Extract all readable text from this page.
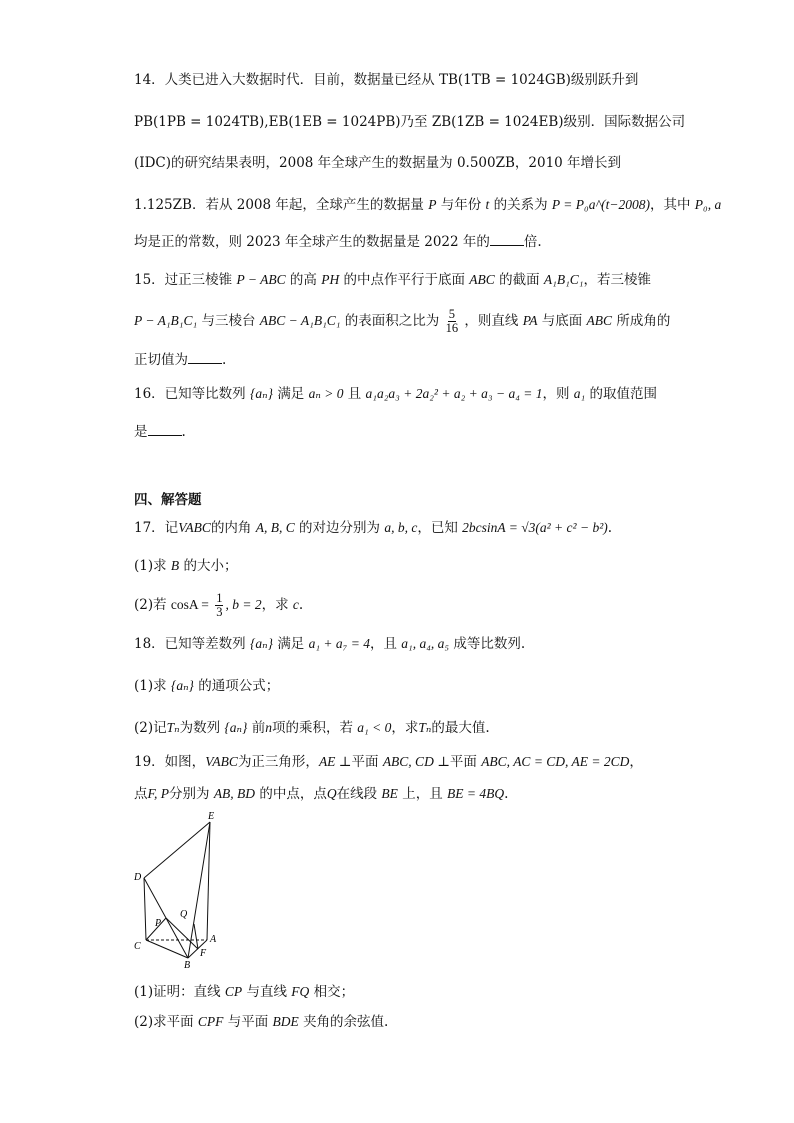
14．人类已进入大数据时代．目前，数据量已经从 TB(1TB = 1024GB)级别跃升到
PB(1PB = 1024TB),EB(1EB = 1024PB)乃至 ZB(1ZB = 1024EB)级别．国际数据公司
(IDC)的研究结果表明，2008 年全球产生的数据量为 0.500ZB，2010 年增长到
1.125ZB．若从 2008 年起，全球产生的数据量 P 与年份 t 的关系为 P = P₀a^(t−2008)，其中 P₀, a
均是正的常数，则 2023 年全球产生的数据量是 2022 年的	倍.
15．过正三棱锥 P − ABC 的高 PH 的中点作平行于底面 ABC 的截面 A₁B₁C₁，若三棱锥
P − A₁B₁C₁ 与三棱台 ABC − A₁B₁C₁ 的表面积之比为 $\frac{5}{16}$ ，则直线 PA 与底面 ABC 所成角的
正切值为	.
16．已知等比数列 {aₙ} 满足 aₙ > 0 且 a₁a₂a₃ + 2a₂² + a₂ + a₃ − a₄ = 1，则 a₁ 的取值范围
是	.
四、解答题
17．记VABC的内角 A, B, C 的对边分别为 a, b, c，已知 2bcsinA = √3(a² + c² − b²).
(1)求 B 的大小；
(2)若 $\cos A = \frac{1}{3}$ , b = 2，求 c.
18．已知等差数列 {aₙ} 满足 a₁ + a₇ = 4，且 a₁, a₄, a₅ 成等比数列.
(1)求 {aₙ} 的通项公式；
(2)记Tₙ为数列 {aₙ} 前n项的乘积，若 a₁ < 0，求Tₙ的最大值.
19．如图，VABC为正三角形，AE ⊥平面 ABC, CD ⊥平面 ABC, AC = CD, AE = 2CD，
点F, P分别为 AB, BD 的中点，点Q在线段 BE 上，且 BE = 4BQ.
E
D
P
Q
C
A
B
F
(1)证明：直线 CP 与直线 FQ 相交；
(2)求平面 CPF 与平面 BDE 夹角的余弦值.
